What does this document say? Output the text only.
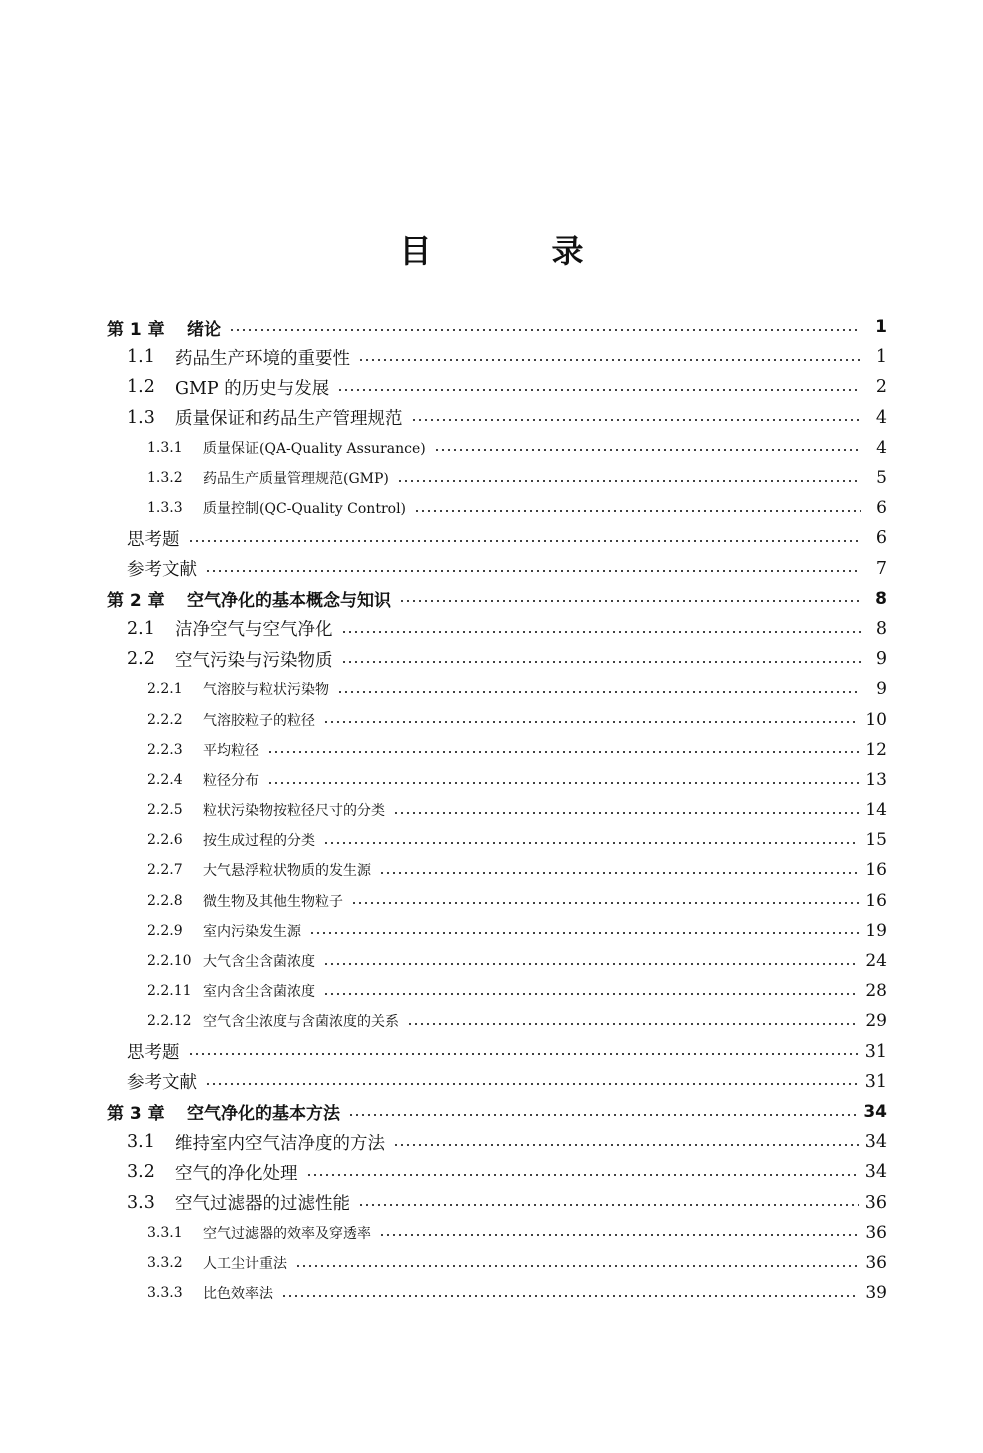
目　录
第 1 章	绪论	1
1.1	药品生产环境的重要性	1
1.2	GMP 的历史与发展	2
1.3	质量保证和药品生产管理规范	4
1.3.1	质量保证(QA-Quality Assurance)	4
1.3.2	药品生产质量管理规范(GMP)	5
1.3.3	质量控制(QC-Quality Control)	6
思考题	6
参考文献	7
第 2 章	空气净化的基本概念与知识	8
2.1	洁净空气与空气净化	8
2.2	空气污染与污染物质	9
2.2.1	气溶胶与粒状污染物	9
2.2.2	气溶胶粒子的粒径	10
2.2.3	平均粒径	12
2.2.4	粒径分布	13
2.2.5	粒状污染物按粒径尺寸的分类	14
2.2.6	按生成过程的分类	15
2.2.7	大气悬浮粒状物质的发生源	16
2.2.8	微生物及其他生物粒子	16
2.2.9	室内污染发生源	19
2.2.10 大气含尘含菌浓度	24
2.2.11 室内含尘含菌浓度	28
2.2.12 空气含尘浓度与含菌浓度的关系	29
思考题	31
参考文献	31
第 3 章	空气净化的基本方法	34
3.1	维持室内空气洁净度的方法	34
3.2	空气的净化处理	34
3.3	空气过滤器的过滤性能	36
3.3.1	空气过滤器的效率及穿透率	36
3.3.2	人工尘计重法	36
3.3.3	比色效率法	39
